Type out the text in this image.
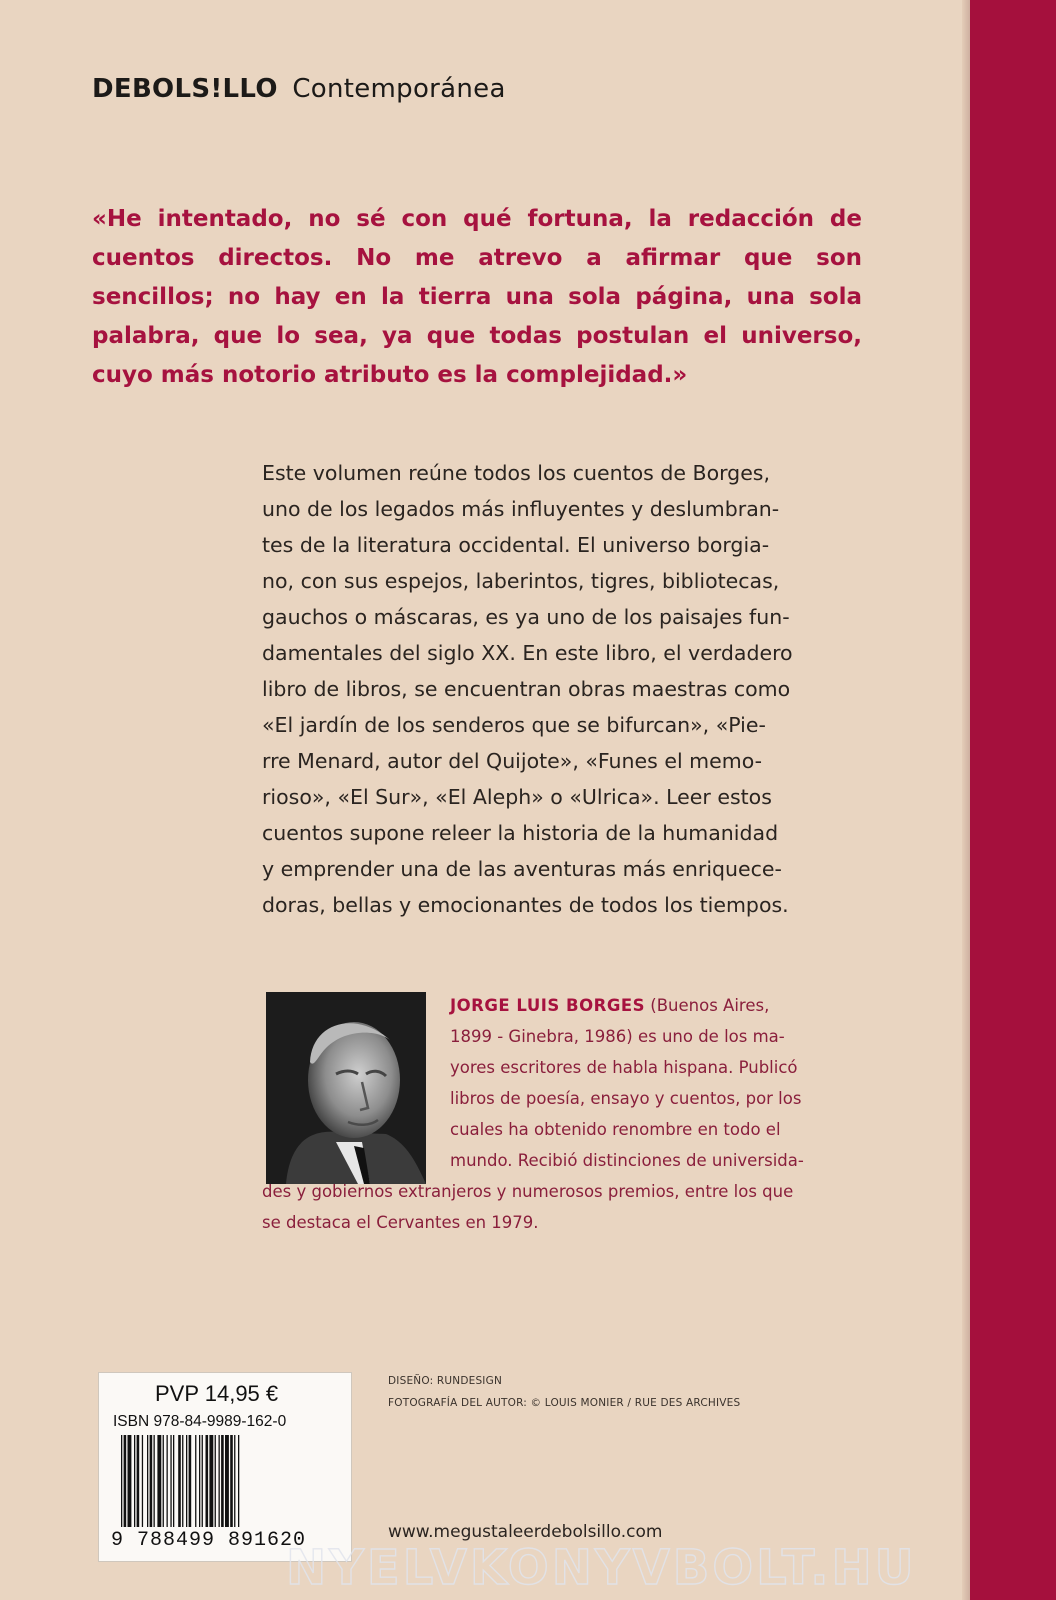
DEBOLS!LLO Contemporánea

«He intentado, no sé con qué fortuna, la redacción de cuentos directos. No me atrevo a afirmar que son sencillos; no hay en la tierra una sola página, una sola palabra, que lo sea, ya que todas postulan el universo, cuyo más notorio atributo es la complejidad.»

Este volumen reúne todos los cuentos de Borges,
uno de los legados más influyentes y deslumbran-
tes de la literatura occidental. El universo borgia-
no, con sus espejos, laberintos, tigres, bibliotecas,
gauchos o máscaras, es ya uno de los paisajes fun-
damentales del siglo XX. En este libro, el verdadero
libro de libros, se encuentran obras maestras como
«El jardín de los senderos que se bifurcan», «Pie-
rre Menard, autor del Quijote», «Funes el memo-
rioso», «El Sur», «El Aleph» o «Ulrica». Leer estos
cuentos supone releer la historia de la humanidad
y emprender una de las aventuras más enriquece-
doras, bellas y emocionantes de todos los tiempos.
JORGE LUIS BORGES (Buenos Aires,
1899 - Ginebra, 1986) es uno de los ma-
yores escritores de habla hispana. Publicó
libros de poesía, ensayo y cuentos, por los
cuales ha obtenido renombre en todo el
mundo. Recibió distinciones de universida-
des y gobiernos extranjeros y numerosos premios, entre los que
se destaca el Cervantes en 1979.
PVP 14,95 €
ISBN 978-84-9989-162-0
9 788499 891620
DISEÑO: RUNDESIGN
FOTOGRAFÍA DEL AUTOR: © LOUIS MONIER / RUE DES ARCHIVES
www.megustaleerdebolsillo.com
NYELVKONYVBOLT.HU
